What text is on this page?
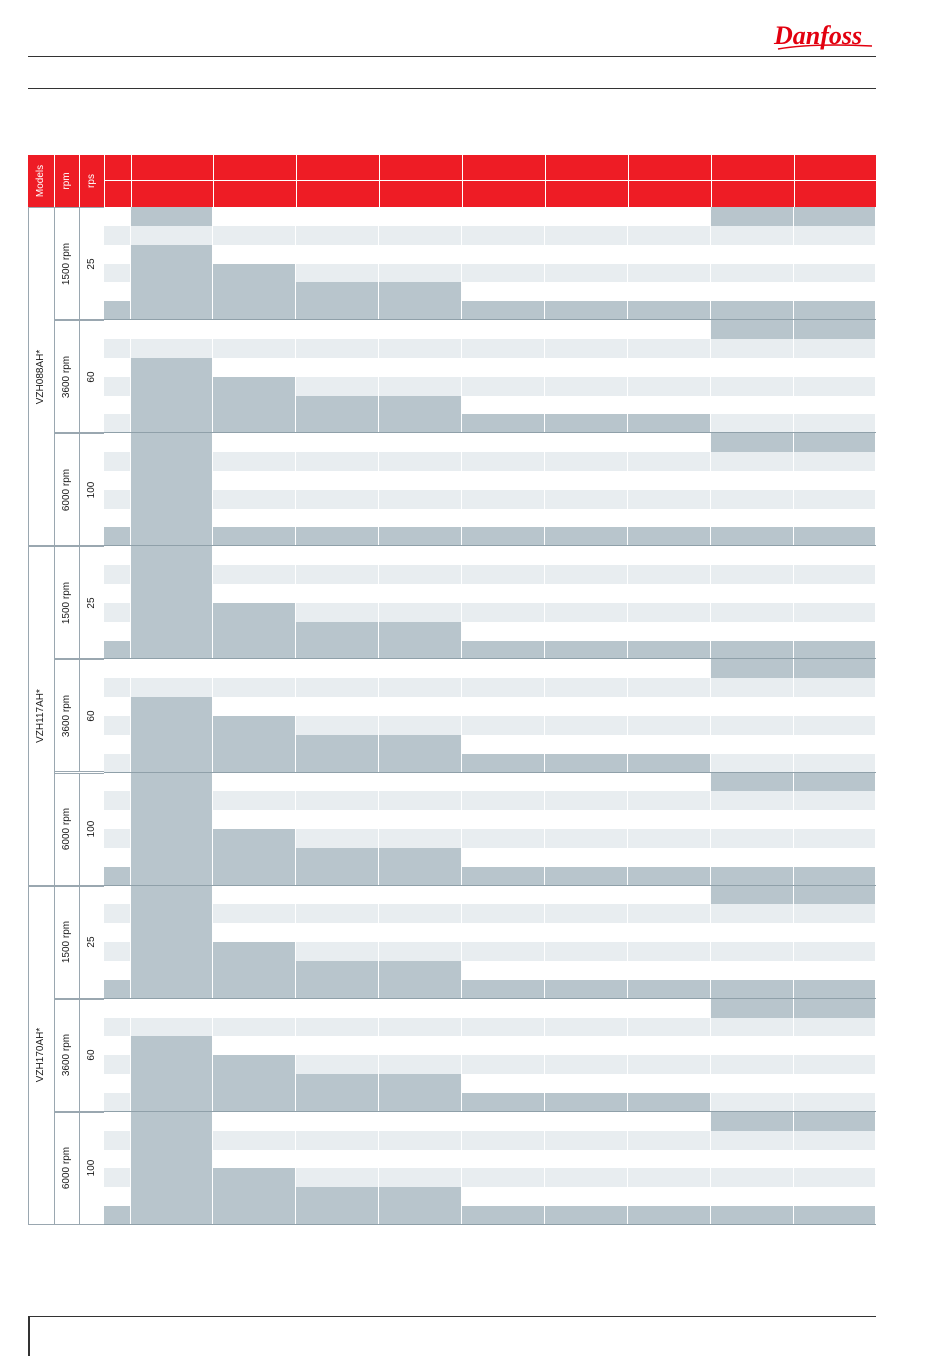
Danfoss
Models rpm rps
VZH088AH*
1500 rpm 25
3600 rpm 60
6000 rpm 100
VZH117AH*
1500 rpm 25
3600 rpm 60
6000 rpm 100
VZH170AH*
1500 rpm 25
3600 rpm 60
6000 rpm 100
